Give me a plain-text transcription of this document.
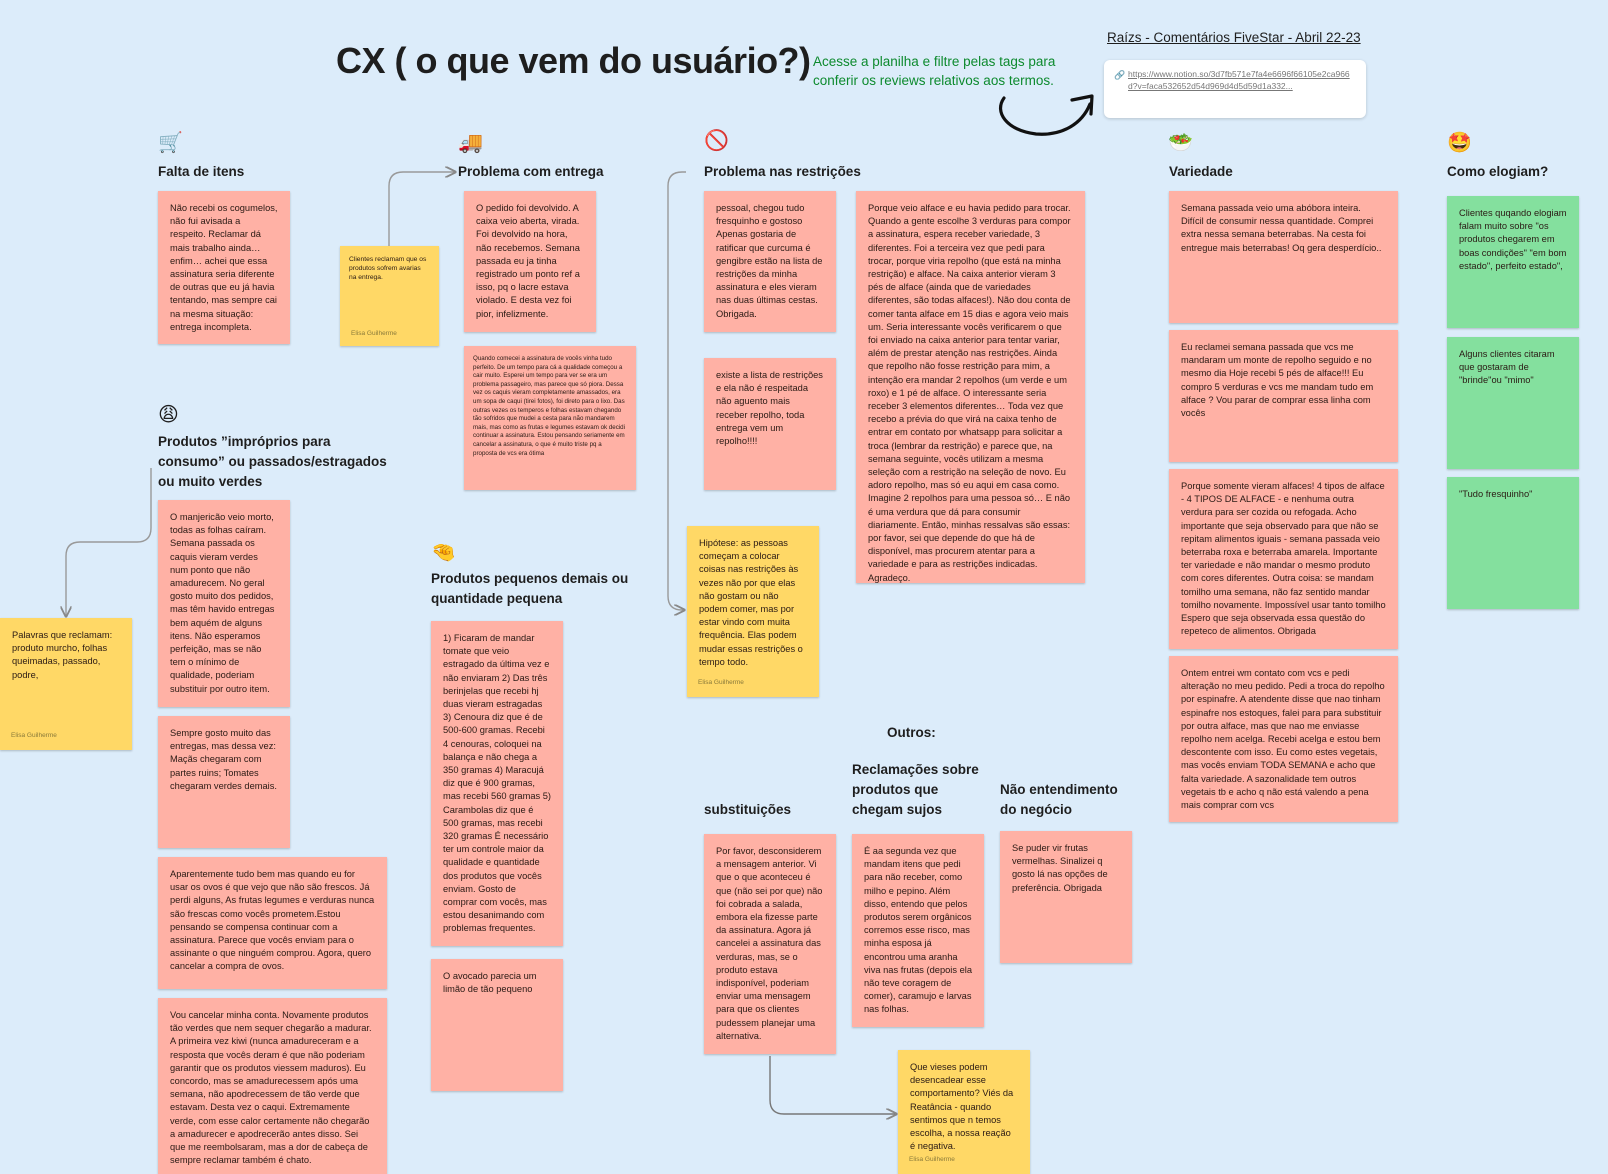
CX ( o que vem do usuário?) Acesse a planilha e filtre pelas tags para conferir os reviews relativos aos termos.
Raízs - Comentários FiveStar - Abril 22-23
🔗 https://www.notion.so/3d7fb571e7fa4e6696f66105e2ca966d?v=faca532652d54d969d4d5d59d1a332...
🛒
Falta de itens
Não recebi os cogumelos, não fui avisada a respeito. Reclamar dá mais trabalho ainda… enfim… achei que essa assinatura seria diferente de outras que eu já havia tentando, mas sempre cai na mesma situação: entrega incompleta.
🚚
Problema com entrega
Clientes reclamam que os produtos sofrem avarias na entrega.
Elisa Guilherme
O pedido foi devolvido. A caixa veio aberta, virada. Foi devolvido na hora, não recebemos. Semana passada eu ja tinha registrado um ponto ref a isso, pq o lacre estava violado. E desta vez foi pior, infelizmente.
Quando comecei a assinatura de vocês vinha tudo perfeito. De um tempo para cá a qualidade começou a cair muito. Esperei um tempo para ver se era um problema passageiro, mas parece que só piora. Dessa vez os caquis vieram completamente amassados, era um sopa de caqui (tirei fotos), foi direto para o lixo. Das outras vezes os temperos e folhas estavam chegando tão sofridos que mudei a cesta para não mandarem mais, mas como as frutas e legumes estavam ok decidi continuar a assinatura. Estou pensando seriamente em cancelar a assinatura, o que é muito triste pq a proposta de vcs era ótima
🚫
Problema nas restrições
pessoal, chegou tudo fresquinho e gostoso Apenas gostaria de ratificar que curcuma é gengibre estão na lista de restrições da minha assinatura e eles vieram nas duas últimas cestas. Obrigada.
existe a lista de restrições e ela não é respeitada não aguento mais receber repolho, toda entrega vem um repolho!!!!
Hipótese: as pessoas começam a colocar coisas nas restrições às vezes não por que elas não gostam ou não podem comer, mas por estar vindo com muita frequência. Elas podem mudar essas restrições o tempo todo.
Elisa Guilherme
Porque veio alface e eu havia pedido para trocar. Quando a gente escolhe 3 verduras para compor a assinatura, espera receber variedade, 3 diferentes. Foi a terceira vez que pedi para trocar, porque viria repolho (que está na minha restrição) e alface. Na caixa anterior vieram 3 pés de alface (ainda que de variedades diferentes, são todas alfaces!). Não dou conta de comer tanta alface em 15 dias e agora veio mais um. Seria interessante vocês verificarem o que foi enviado na caixa anterior para tentar variar, além de prestar atenção nas restrições. Ainda que repolho não fosse restrição para mim, a intenção era mandar 2 repolhos (um verde e um roxo) e 1 pé de alface. O interessante seria receber 3 elementos diferentes… Toda vez que recebo a prévia do que virá na caixa tenho de entrar em contato por whatsapp para solicitar a troca (lembrar da restrição) e parece que, na semana seguinte, vocês utilizam a mesma seleção com a restrição na seleção de novo. Eu adoro repolho, mas só eu aqui em casa como. Imagine 2 repolhos para uma pessoa só… E não é uma verdura que dá para consumir diariamente. Então, minhas ressalvas são essas: por favor, sei que depende do que há de disponível, mas procurem atentar para a variedade e para as restrições indicadas. Agradeço.
🥗
Variedade
Semana passada veio uma abóbora inteira. Difícil de consumir nessa quantidade. Comprei extra nessa semana beterrabas. Na cesta foi entregue mais beterrabas! Oq gera desperdício..
Eu reclamei semana passada que vcs me mandaram um monte de repolho seguido e no mesmo dia Hoje recebi 5 pés de alface!!! Eu compro 5 verduras e vcs me mandam tudo em alface ? Vou parar de comprar essa linha com vocês
Porque somente vieram alfaces! 4 tipos de alface - 4 TIPOS DE ALFACE - e nenhuma outra verdura para ser cozida ou refogada. Acho importante que seja observado para que não se repitam alimentos iguais - semana passada veio beterraba roxa e beterraba amarela. Importante ter variedade e não mandar o mesmo produto com cores diferentes. Outra coisa: se mandam tomilho uma semana, não faz sentido mandar tomilho novamente. Impossível usar tanto tomilho Espero que seja observada essa questão do repeteco de alimentos. Obrigada
Ontem entrei wm contato com vcs e pedi alteração no meu pedido. Pedi a troca do repolho por espinafre. A atendente disse que nao tinham espinafre nos estoques, falei para para substituir por outra alface, mas que nao me enviasse repolho nem acelga. Recebi acelga e estou bem descontente com isso. Eu como estes vegetais, mas vocês enviam TODA SEMANA e acho que falta variedade. A sazonalidade tem outros vegetais tb e acho q não está valendo a pena mais comprar com vcs
🤩
Como elogiam?
Clientes quqando elogiam falam muito sobre "os produtos chegarem em boas condições" "em bom estado", perfeito estado",
Alguns clientes citaram que gostaram de "brinde"ou "mimo"
"Tudo fresquinho"
😩
Produtos ”impróprios para consumo” ou passados/estragados ou muito verdes
Palavras que reclamam: produto murcho, folhas queimadas, passado, podre,
Elisa Guilherme
O manjericão veio morto, todas as folhas caíram. Semana passada os caquis vieram verdes num ponto que não amadurecem. No geral gosto muito dos pedidos, mas têm havido entregas bem aquém de alguns itens. Não esperamos perfeição, mas se não tem o mínimo de qualidade, poderiam substituir por outro item.
Sempre gosto muito das entregas, mas dessa vez: Maçãs chegaram com partes ruins; Tomates chegaram verdes demais.
Aparentemente tudo bem mas quando eu for usar os ovos é que vejo que não são frescos. Já perdi alguns, As frutas legumes e verduras nunca são frescas como vocês prometem.Estou pensando se compensa continuar com a assinatura. Parece que vocês enviam para o assinante o que ninguém comprou. Agora, quero cancelar a compra de ovos.
Vou cancelar minha conta. Novamente produtos tão verdes que nem sequer chegarão a madurar. A primeira vez kiwi (nunca amadureceram e a resposta que vocês deram é que não poderiam garantir que os produtos viessem maduros). Eu concordo, mas se amadurecessem após uma semana, não apodrecessem de tão verde que estavam. Desta vez o caqui. Extremamente verde, com esse calor certamente não chegarão a amadurecer e apodrecerão antes disso. Sei que me reembolsaram, mas a dor de cabeça de sempre reclamar também é chato.
🤏
Produtos pequenos demais ou quantidade pequena
1) Ficaram de mandar tomate que veio estragado da última vez e não enviaram 2) Das três berinjelas que recebi hj duas vieram estragadas 3) Cenoura diz que é de 500-600 gramas. Recebi 4 cenouras, coloquei na balança e não chega a 350 gramas 4) Maracujá diz que é 900 gramas, mas recebi 560 gramas 5) Carambolas diz que é 500 gramas, mas recebi 320 gramas É necessário ter um controle maior da qualidade e quantidade dos produtos que vocês enviam. Gosto de comprar com vocês, mas estou desanimando com problemas frequentes.
O avocado parecia um limão de tão pequeno
Outros:
substituições
Reclamações sobre produtos que chegam sujos
Não entendimento do negócio
Por favor, desconsiderem a mensagem anterior. Vi que o que aconteceu é que (não sei por que) não foi cobrada a salada, embora ela fizesse parte da assinatura. Agora já cancelei a assinatura das verduras, mas, se o produto estava indisponível, poderiam enviar uma mensagem para que os clientes pudessem planejar uma alternativa.
É aa segunda vez que mandam itens que pedi para não receber, como milho e pepino. Além disso, entendo que pelos produtos serem orgânicos corremos esse risco, mas minha esposa já encontrou uma aranha viva nas frutas (depois ela não teve coragem de comer), caramujo e larvas nas folhas.
Se puder vir frutas vermelhas. Sinalizei q gosto lá nas opções de preferência. Obrigada
Que vieses podem desencadear esse comportamento? Viés da Reatância - quando sentimos que n temos escolha, a nossa reação é negativa.
Elisa Guilherme
